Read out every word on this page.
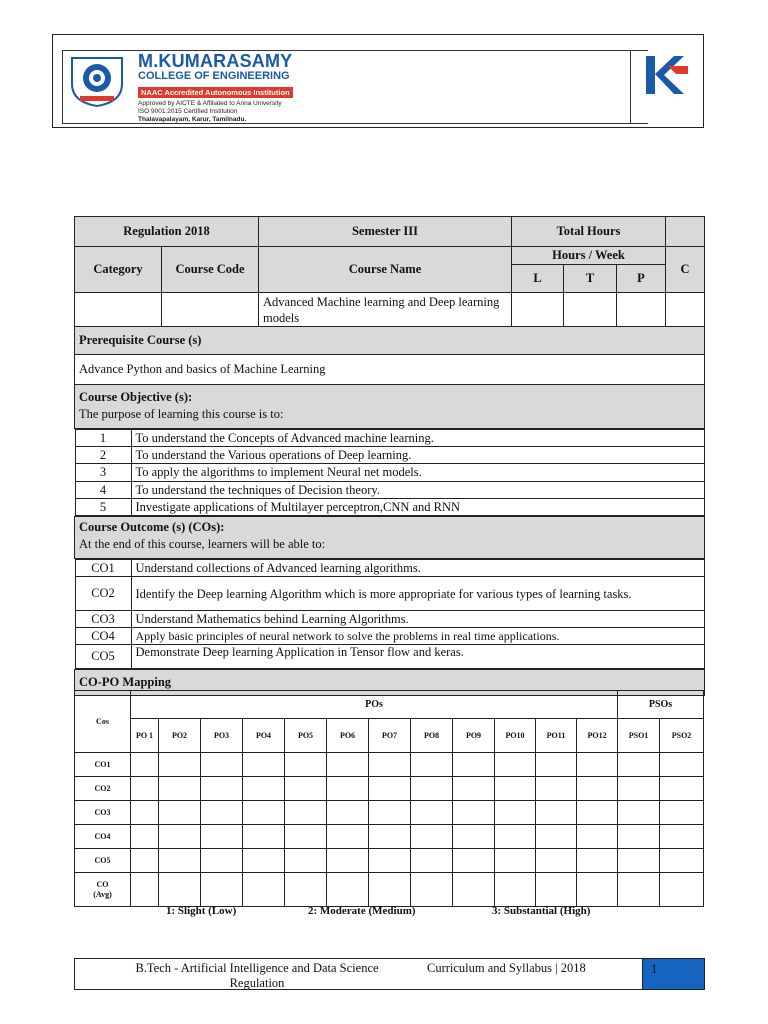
M.KUMARASAMY
COLLEGE OF ENGINEERING
NAAC Accredited Autonomous Institution
Approved by AICTE & Affiliated to Anna University
ISO 9001:2015 Certified Institution
Thalavapalayam, Karur, Tamilnadu.
Regulation 2018	Semester III	Total Hours	
Category	Course Code	Course Name	Hours / Week	C
L	T	P
		Advanced Machine learning and Deep learning models				
Prerequisite Course (s)
Advance Python and basics of Machine Learning

Course Objective (s):
The purpose of learning this course is to:

1	To understand the Concepts of Advanced machine learning.
2	To understand the Various operations of Deep learning.
3	To apply the algorithms to implement Neural net models.
4	To understand the techniques of Decision theory.
5	Investigate applications of Multilayer perceptron,CNN and RNN

Course Outcome (s) (COs):
At the end of this course, learners will be able to:

CO1	Understand collections of Advanced learning algorithms.
CO2	Identify the Deep learning Algorithm which is more appropriate for various types of learning tasks.
CO3	Understand Mathematics behind Learning Algorithms.
CO4	Apply basic principles of neural network to solve the problems in real time applications.
CO5	Demonstrate Deep learning Application in Tensor flow and keras.

CO-PO Mapping
Cos	POs												PSOs	
	PO 1	PO2	PO3	PO4	PO5	PO6	PO7	PO8	PO9	PO10	PO11	PO12	PSO1	PSO2
CO1														
CO2														
CO3														
CO4														
CO5														
CO (Avg)														
1: Slight (Low)	2: Moderate (Medium)	3: Substantial (High)
B.Tech - Artificial Intelligence and Data Science Regulation
Curriculum and Syllabus | 2018	1
